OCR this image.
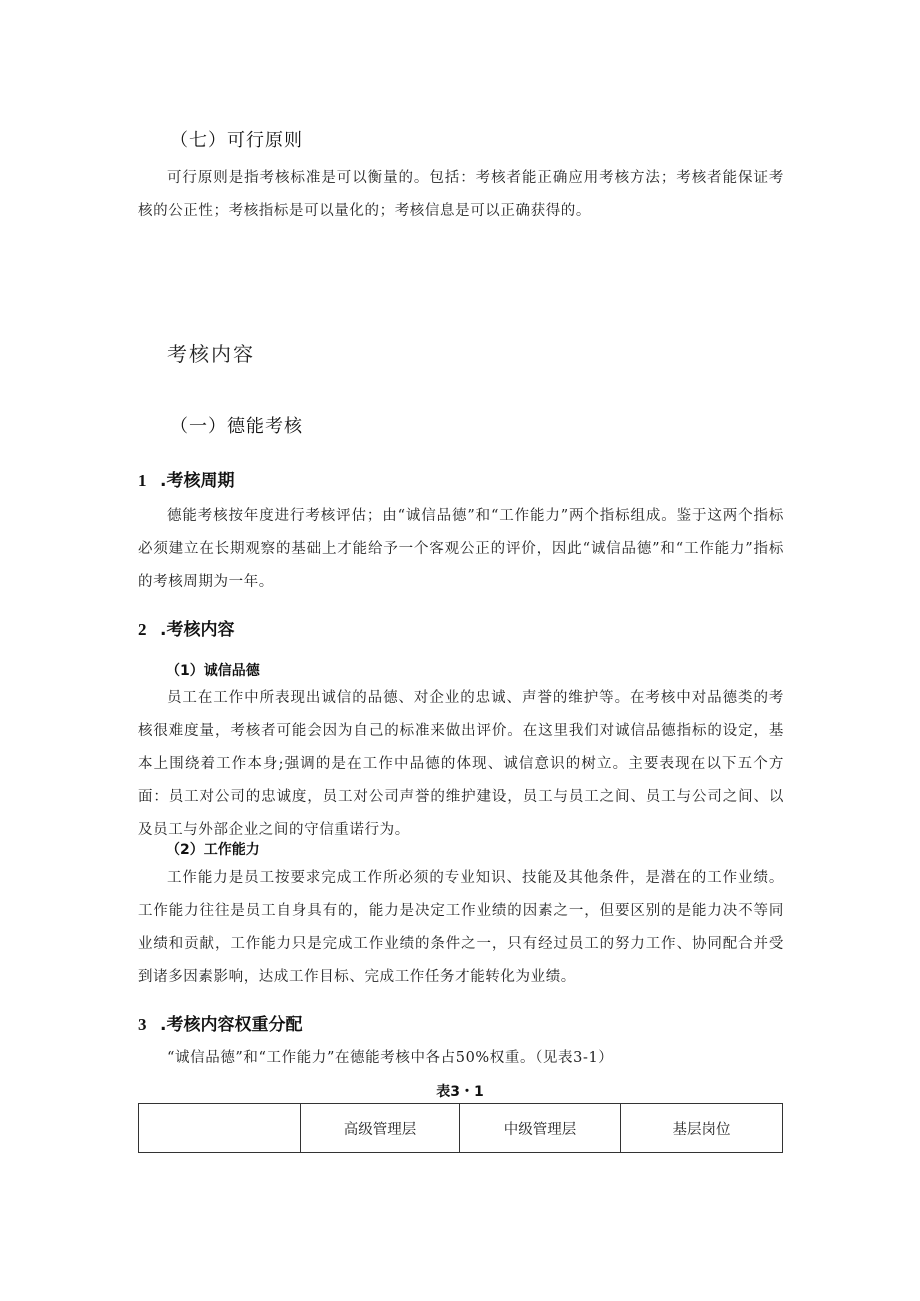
（七）可行原则

可行原则是指考核标准是可以衡量的。包括：考核者能正确应用考核方法；考核者能保证考核的公正性；考核指标是可以量化的；考核信息是可以正确获得的。

考核内容
（一）德能考核
1 .考核周期

德能考核按年度进行考核评估；由“诚信品德”和“工作能力”两个指标组成。鉴于这两个指标必须建立在长期观察的基础上才能给予一个客观公正的评价，因此“诚信品德”和“工作能力”指标的考核周期为一年。

2 .考核内容
（1）诚信品德

员工在工作中所表现出诚信的品德、对企业的忠诚、声誉的维护等。在考核中对品德类的考核很难度量，考核者可能会因为自己的标准来做出评价。在这里我们对诚信品德指标的设定，基本上围绕着工作本身;强调的是在工作中品德的体现、诚信意识的树立。主要表现在以下五个方面：员工对公司的忠诚度，员工对公司声誉的维护建设，员工与员工之间、员工与公司之间、以及员工与外部企业之间的守信重诺行为。

（2）工作能力

工作能力是员工按要求完成工作所必须的专业知识、技能及其他条件，是潜在的工作业绩。工作能力往往是员工自身具有的，能力是决定工作业绩的因素之一，但要区别的是能力决不等同业绩和贡献，工作能力只是完成工作业绩的条件之一，只有经过员工的努力工作、协同配合并受到诸多因素影响，达成工作目标、完成工作任务才能转化为业绩。

3 .考核内容权重分配

“诚信品德”和“工作能力”在德能考核中各占50%权重。（见表3-1）

表3・1

	高级管理层	中级管理层	基层岗位
